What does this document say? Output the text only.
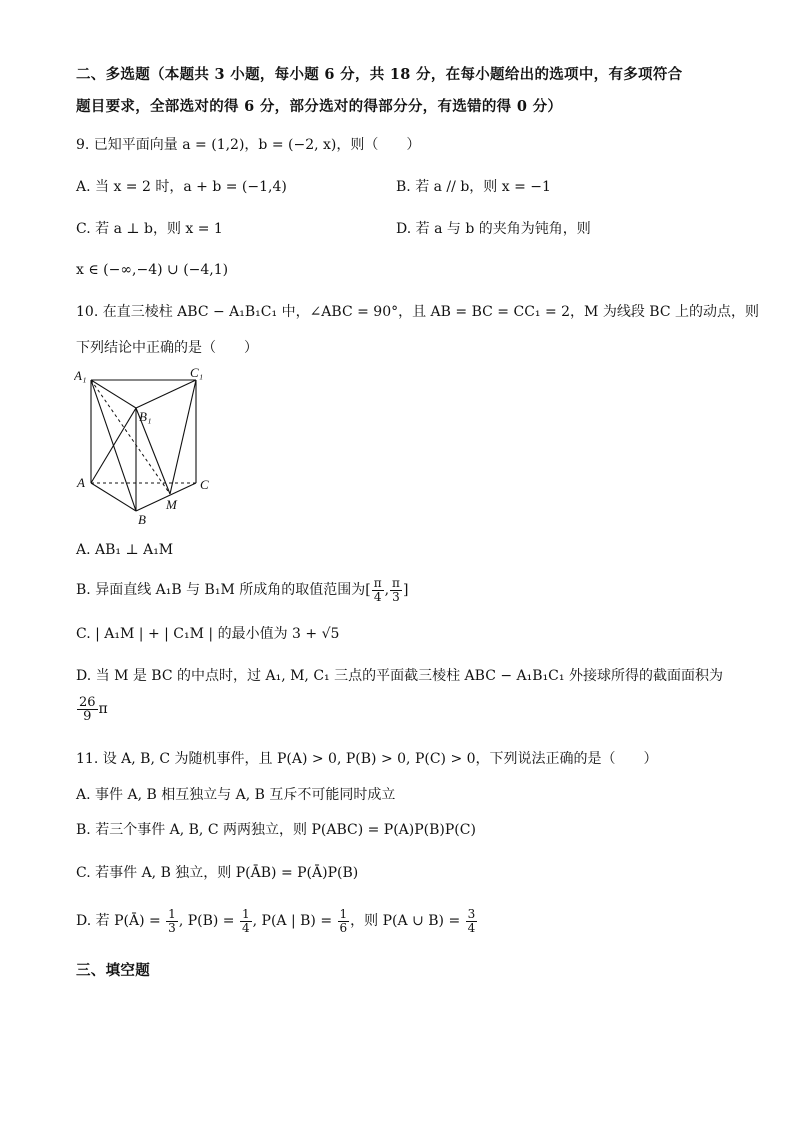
二、多选题（本题共 3 小题，每小题 6 分，共 18 分，在每小题给出的选项中，有多项符合
题目要求，全部选对的得 6 分，部分选对的得部分分，有选错的得 0 分）
9. 已知平面向量 a = (1,2)，b = (−2, x)，则（　　）
A. 当 x = 2 时，a + b = (−1,4)	B. 若 a // b，则 x = −1
C. 若 a ⊥ b，则 x = 1	D. 若 a 与 b 的夹角为钝角，则
x ∈ (−∞,−4) ∪ (−4,1)
10. 在直三棱柱 ABC − A₁B₁C₁ 中，∠ABC = 90°，且 AB = BC = CC₁ = 2，M 为线段 BC 上的动点，则
下列结论中正确的是（　　）
A₁	C₁
B₁
A	C
M
B
A. AB₁ ⊥ A₁M
B. 异面直线 A₁B 与 B₁M 所成角的取值范围为[ $\frac{\pi}{4}$ , $\frac{\pi}{3}$ ]
C. | A₁M | + | C₁M | 的最小值为 3 + √5
D. 当 M 是 BC 的中点时，过 A₁, M, C₁ 三点的平面截三棱柱 ABC − A₁B₁C₁ 外接球所得的截面面积为
$\frac{26}{9}$ π
11. 设 A, B, C 为随机事件，且 P(A) > 0, P(B) > 0, P(C) > 0，下列说法正确的是（　　）
A. 事件 A, B 相互独立与 A, B 互斥不可能同时成立
B. 若三个事件 A, B, C 两两独立，则 P(ABC) = P(A)P(B)P(C)
C. 若事件 A, B 独立，则 P(ĀB) = P(Ā)P(B)
D. 若 P(Ā) = $\frac{1}{3}$ , $P(B) = \frac{1}{4}$ , P(A | $B) = \frac{1}{6}$ ，则 P(A ∪ $B) = \frac{3}{4}$
三、填空题
